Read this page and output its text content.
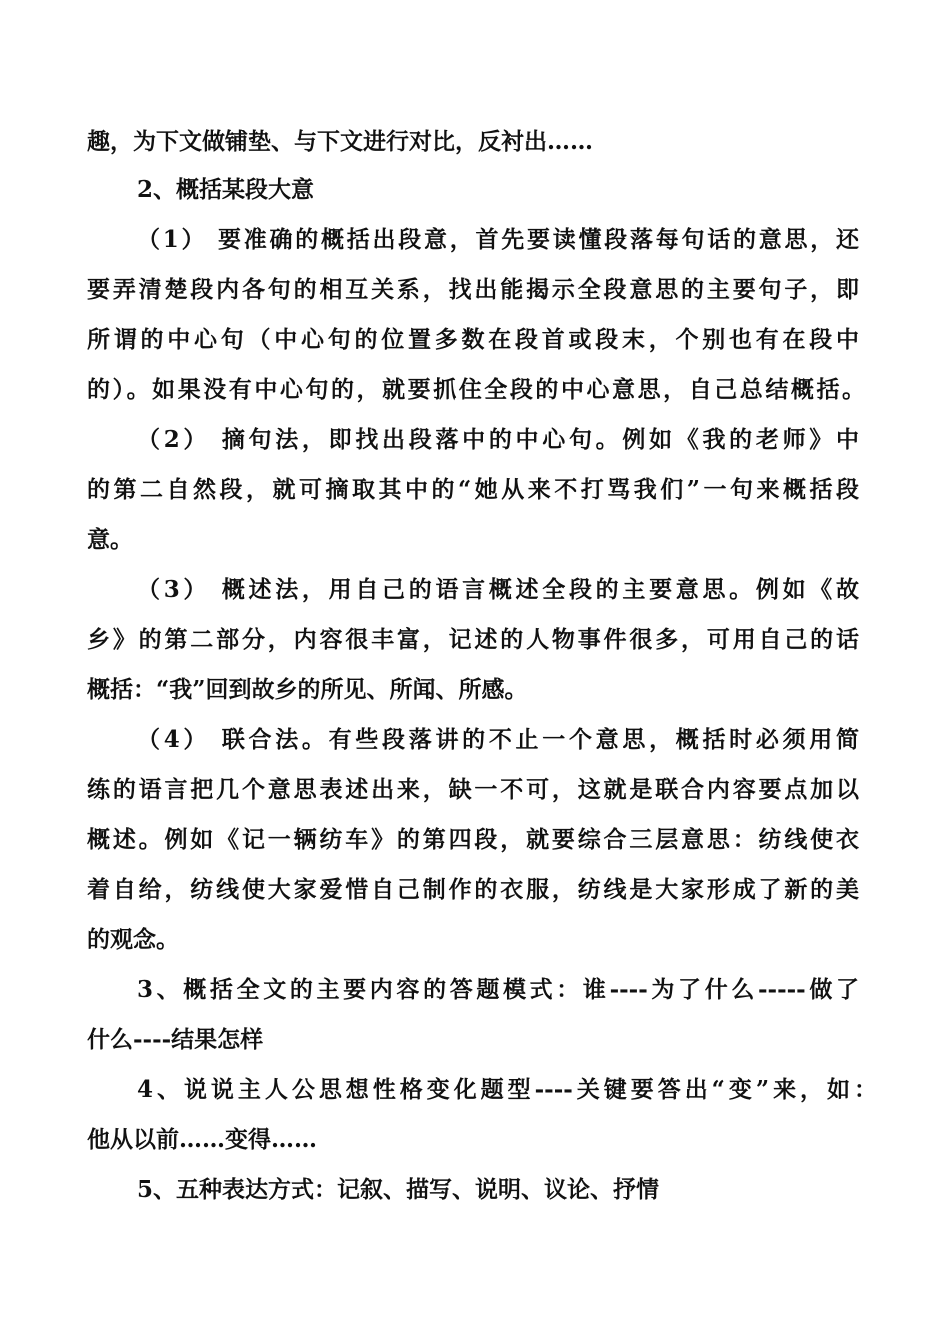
趣，为下文做铺垫、与下文进行对比，反衬出……
2、概括某段大意
（1） 要准确的概括出段意，首先要读懂段落每句话的意思，还
要弄清楚段内各句的相互关系，找出能揭示全段意思的主要句子，即
所谓的中心句（中心句的位置多数在段首或段末，个别也有在段中
的）。如果没有中心句的，就要抓住全段的中心意思，自己总结概括。
（2） 摘句法，即找出段落中的中心句。例如《我的老师》中
的第二自然段，就可摘取其中的“她从来不打骂我们”一句来概括段
意。
（3） 概述法，用自己的语言概述全段的主要意思。例如《故
乡》的第二部分，内容很丰富，记述的人物事件很多，可用自己的话
概括：“我”回到故乡的所见、所闻、所感。
（4） 联合法。有些段落讲的不止一个意思，概括时必须用简
练的语言把几个意思表述出来，缺一不可，这就是联合内容要点加以
概述。例如《记一辆纺车》的第四段，就要综合三层意思：纺线使衣
着自给，纺线使大家爱惜自己制作的衣服，纺线是大家形成了新的美
的观念。
3、概括全文的主要内容的答题模式：谁----为了什么-----做了
什么----结果怎样
4、说说主人公思想性格变化题型----关键要答出“变”来，如：
他从以前……变得……
5、五种表达方式：记叙、描写、说明、议论、抒情
